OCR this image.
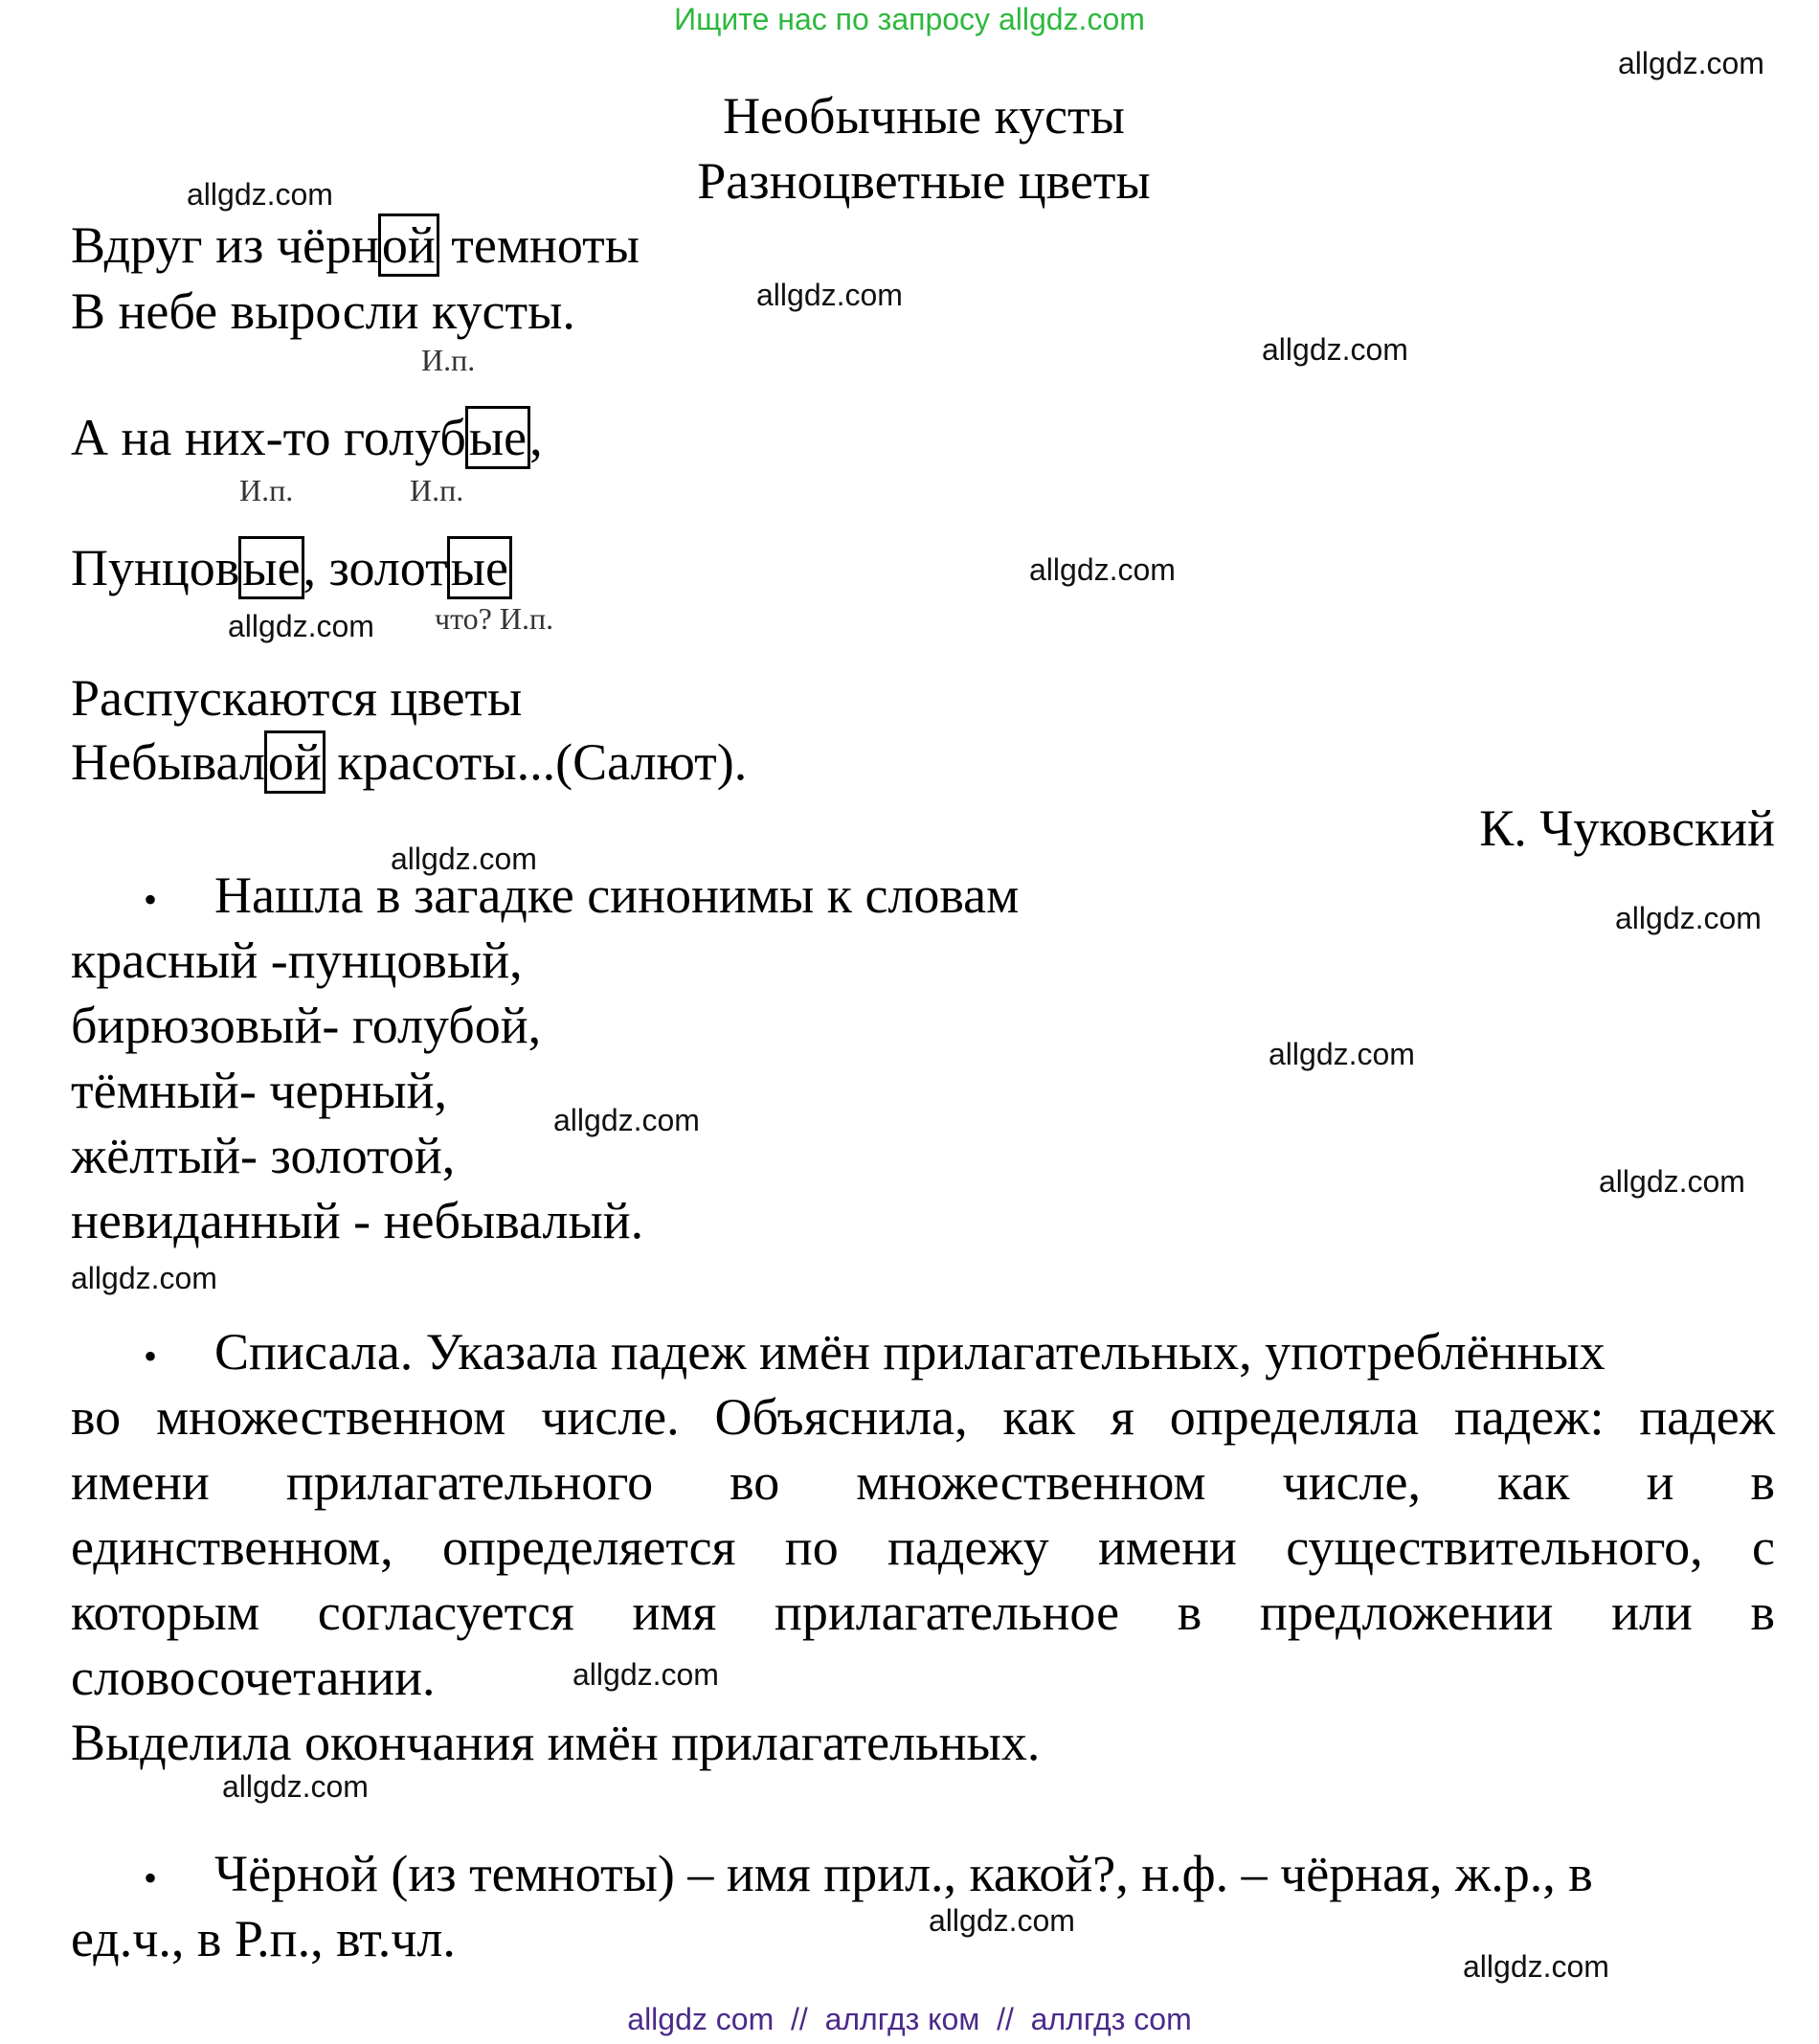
Ищите нас по запросу allgdz.com
Необычные кусты
Разноцветные цветы
Вдруг из чёрной темноты
В небе выросли кусты.
И.п.
А на них-то голубые,
И.п.	И.п.
Пунцовые, золотые
что? И.п.
Распускаются цветы
Небывалой красоты...(Салют).
К. Чуковский
• Нашла в загадке синонимы к словам
красный -пунцовый,
бирюзовый- голубой,
тёмный- черный,
жёлтый- золотой,
невиданный - небывалый.
• Списала. Указала падеж имён прилагательных, употреблённых
во множественном числе. Объяснила, как я определяла падеж: падеж
имени прилагательного во множественном числе, как и в
единственном, определяется по падежу имени существительного, с
которым согласуется имя прилагательное в предложении или в
словосочетании.
Выделила окончания имён прилагательных.
• Чёрной (из темноты) – имя прил., какой?, н.ф. – чёрная, ж.р., в
ед.ч., в Р.п., вт.чл.
allgdz.com
allgdz.com
allgdz.com
allgdz.com
allgdz.com
allgdz.com
allgdz.com
allgdz.com
allgdz.com
allgdz.com
allgdz.com
allgdz.com
allgdz.com
allgdz.com
allgdz.com
allgdz.com
allgdz com  //  аллгдз ком  //  аллгдз com
